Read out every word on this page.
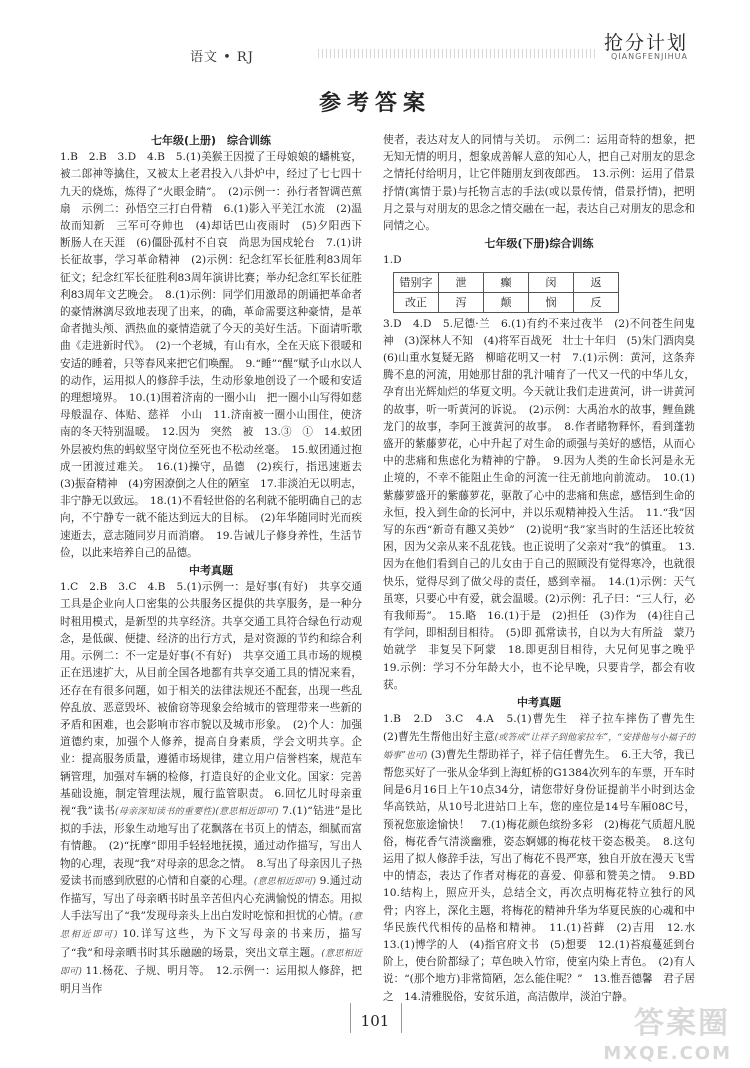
语文 • RJ
抢分计划
QIANGFENJIHUA
参考答案

七年级(上册)　综合训练

1.B　2.B　3.D　4.B　5.(1)美猴王因搅了王母娘娘的蟠桃宴，被二郎神等擒住，又被太上老君投入八卦炉中，经过了七七四十九天的烧炼，炼得了“火眼金睛”。　(2)示例一：孙行者智调芭蕉扇　示例二：孙悟空三打白骨精　6.(1)影入平羌江水流　(2)温故而知新　三军可夺帅也　(4)却话巴山夜雨时　(5)夕阳西下　断肠人在天涯　(6)僵卧孤村不自哀　尚思为国戍轮台　7.(1)讲长征故事，学习革命精神　(2)示例：纪念红军长征胜利83周年征文；纪念红军长征胜利83周年演讲比赛；举办纪念红军长征胜利83周年文艺晚会。　8.(1)示例：同学们用激昂的朗诵把革命者的豪情淋漓尽致地表现了出来，的确，革命需要这种豪情，是革命者抛头颅、洒热血的豪情造就了今天的美好生活。下面请听歌曲《走进新时代》。　(2)一个老城，有山有水，全在天底下很暖和安适的睡着，只等春风来把它们唤醒。　9.“睡”“醒”赋予山水以人的动作，运用拟人的修辞手法，生动形象地创设了一个暖和安适的理想境界。　10.(1)围着济南的一圈小山　把一圈小山写得如慈母般温存、体贴、慈祥　小山　11.济南被一圈小山围住，使济南的冬天特别温暖。　12.因为　突然　被　13.③　①　14.蚁团外层被灼焦的蚂蚁坚守岗位至死也不松动丝毫。　15.蚁团通过抱成一团渡过难关。　16.(1)操守，品德　(2)疾行，指迅速逝去　(3)振奋精神　(4)穷困潦倒之人住的陋室　17.非淡泊无以明志，非宁静无以致远。　18.(1)不看轻世俗的名利就不能明确自己的志向，不宁静专一就不能达到远大的目标。　(2)年华随同时光而疾速逝去，意志随同岁月而消磨。　19.告诫儿子修身养性，生活节俭，以此来培养自己的品德。

中考真题

1.C　2.B　3.C　4.B　5.(1)示例一：是好事(有好)　共享交通工具是企业向人口密集的公共服务区提供的共享服务，是一种分时租用模式，是新型的共享经济。共享交通工具符合绿色行动观念，是低碳、便捷、经济的出行方式，是对资源的节约和综合利用。示例二：不一定是好事(不有好)　共享交通工具市场的规模正在迅速扩大，从目前全国各地都有共享交通工具的情况来看，还存在有很多问题，如于相关的法律法规还不配套，出现一些乱停乱放、恶意毁坏、被偷窃等现象会给城市的管理带来一些新的矛盾和困难，也会影响市容市貌以及城市形象。　(2)个人：加强道德约束，加强个人修养，提高自身素质，学会文明共享。企业：提高服务质量，遵循市场规律，建立用户信誉档案，规范车辆管理，加强对车辆的检修，打造良好的企业文化。国家：完善基础设施，制定管理法规，履行监管职责。 6.回忆儿时母亲重视“我”读书(母亲深知读书的重要性)(意思相近即可) 7.(1)“钻进”是比拟的手法，形象生动地写出了花飘落在书页上的情态，细腻而富有情趣。　(2)“抚摩”即用手轻轻地抚摸，通过动作描写，写出人物的心理，表现“我”对母亲的思念之情。　8.写出了母亲因儿子热爱读书而感到欣慰的心情和自豪的心理。(意思相近即可) 9.通过动作描写，写出了母亲晒书时虽辛苦但内心充满愉悦的情态。用拟人手法写出了“我”发现母亲头上出白发时吃惊和担忧的心情。(意思相近即可) 10.详写这些，为下文写母亲的书来历，描写了“我”和母亲晒书时其乐融融的场景，突出文章主题。(意思相近即可) 11.杨花、子规、明月等。　12.示例一：运用拟人修辞，把明月当作

使者，表达对友人的同情与关切。　示例二：运用奇特的想象，把无知无情的明月，想象成善解人意的知心人，把自己对朋友的思念之情托付给明月，让它伴随朋友到夜郎西。　13.示例：运用了借景抒情(寓情于景)与托物言志的手法(或以景传情，借景抒情)，把明月之景与对朋友的思念之情交融在一起，表达自己对朋友的思念和同情之心。

七年级(下册)综合训练

1.D

错别字	泄	癫	闵	返
改正	泻	颠	悯	反

3.D　4.D　5.尼德·兰　6.(1)有约不来过夜半　(2)不问苍生问鬼神　(3)深林人不知　(4)将军百战死　壮士十年归　(5)朱门酒肉臭　(6)山重水复疑无路　柳暗花明又一村　7.(1)示例：黄河，这条奔腾不息的河流，用她那甘甜的乳汁哺育了一代又一代的中华儿女，孕育出光辉灿烂的华夏文明。今天就让我们走进黄河，讲一讲黄河的故事，听一听黄河的诉说。　(2)示例：大禹治水的故事，鲤鱼跳龙门的故事，李阿王渡黄河的故事。　8.作者睹物释怀，看到蓬勃盛开的紫藤萝花，心中升起了对生命的顽强与美好的感悟，从而心中的悲痛和焦虑化为精神的宁静。　9.因为人类的生命长河是永无止境的，不幸不能阻止生命的河流一往无前地向前流动。　10.(1)紫藤萝盛开的紫藤萝花，驱散了心中的悲痛和焦虑，感悟到生命的永恒，投入到生命的长河中，并以乐观精神投入生活。　11.“我”因写的东西“新奇有趣又美妙”　(2)说明“我”家当时的生活还比较贫困，因为父亲从来不乱花钱。也正说明了父亲对“我”的慎重。　13.因为在他们看到自己的儿女由于自己的照顾没有觉得寒冷，也就很快乐，觉得尽到了做父母的责任，感到幸福。　14.(1)示例：天气虽寒，只要心中有爱，就会温暖。(2)示例：孔子曰：“三人行，必有我师焉”。　15.略　16.(1)于是　(2)担任　(3)作为　(4)往自己有学问，即相刮目相待。　(5)即 孤常读书，自以为大有所益　蒙乃始就学　非复吴下阿蒙　18.即更刮目相待，大兄何见事之晚乎　19.示例：学习不分年龄大小，也不论早晚，只要肯学，都会有收获。

中考真题

1.B　2.D　3.C　4.A　5.(1)曹先生　祥子拉车摔伤了曹先生　(2)曹先生帮他出好主意(或答成“让祥子到他家拉车”，“安排他与小福子的婚事”也可) (3)曹先生帮助祥子，祥子信任曹先生。　6.王大爷，我已帮您买好了一张从金华到上海虹桥的G1384次列车的车票，开车时间是6月16日上午10点34分，请您带好身份证提前半小时到达金华高铁站，从10号北进站口上车，您的座位是14号车厢08C号，预祝您旅途愉快！　7.(1)梅花颜色缤纷多彩　(2)梅花气质超凡脱俗，梅花香气清淡幽雅，姿态婀娜的梅花枝干姿态极美。　8.这句运用了拟人修辞手法，写出了梅花不畏严寒，独自开放在漫天飞雪中的情态，表达了作者对梅花的喜爱、仰慕和赞美之情。　9.BD　10.结构上，照应开头，总结全文，再次点明梅花特立独行的风骨；内容上，深化主题，将梅花的精神升华为华夏民族的心魂和中华民族代代相传的品格和精神。　11.(1)苔藓　(2)吉用　12.水　13.(1)博学的人　(4)指官府文书　(5)想要　12.(1)苔痕蔓延到台阶上，使台阶都绿了；草色映入竹帘，使室内染上青色。　(2)有人说：“(那个地方)非常简陋，怎么能住呢？”　13.惟吾德馨　君子居之　14.清雅脱俗，安贫乐道，高洁傲岸，淡泊宁静。

101	答案圈
MXQE.COM
